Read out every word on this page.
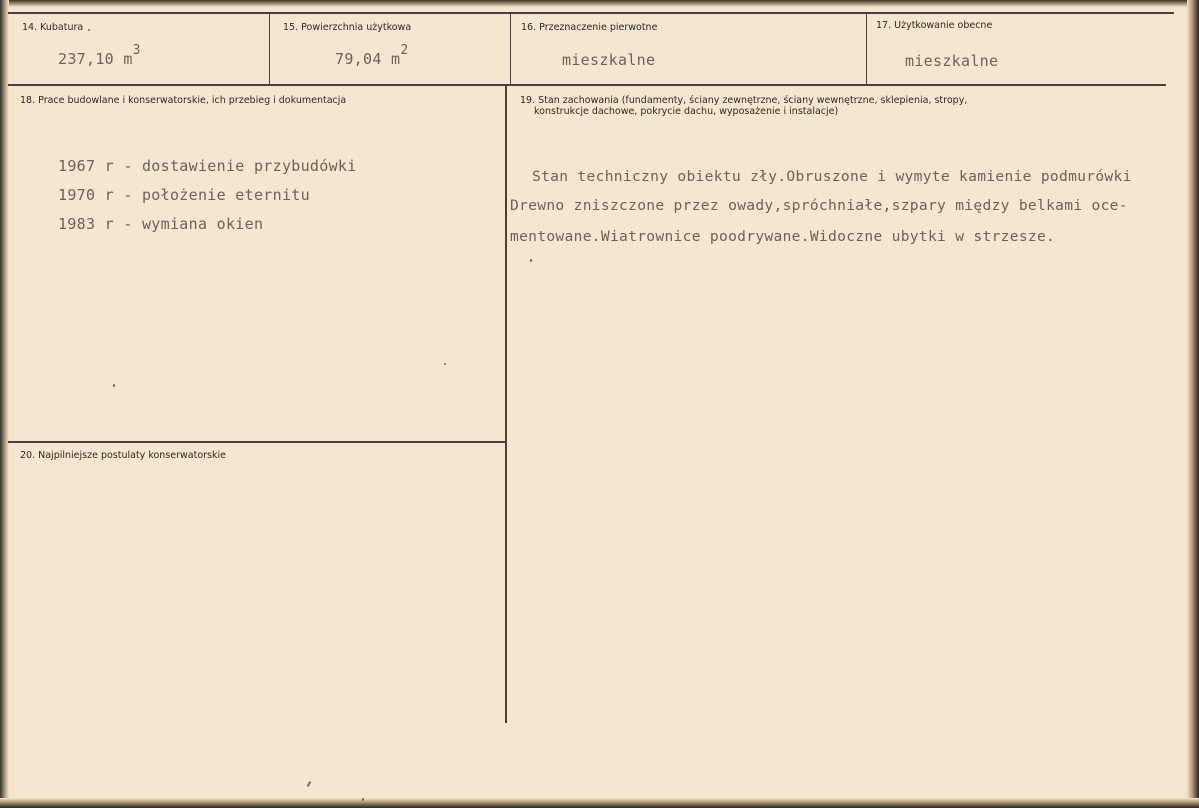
14. Kubatura
237,10 m3
15. Powierzchnia użytkowa
79,04 m2
16. Przeznaczenie pierwotne
mieszkalne
17. Użytkowanie obecne
mieszkalne
18. Prace budowlane i konserwatorskie, ich przebieg i dokumentacja
1967 r - dostawienie przybudówki
1970 r - położenie eternitu
1983 r - wymiana okien
19. Stan zachowania (fundamenty, ściany zewnętrzne, ściany wewnętrzne, sklepienia, stropy,
konstrukcje dachowe, pokrycie dachu, wyposażenie i instalacje)
Stan techniczny obiektu zły.Obruszone i wymyte kamienie podmurówki
Drewno zniszczone przez owady,spróchniałe,szpary między belkami oce-
mentowane.Wiatrownice poodrywane.Widoczne ubytki w strzesze.
20. Najpilniejsze postulaty konserwatorskie
